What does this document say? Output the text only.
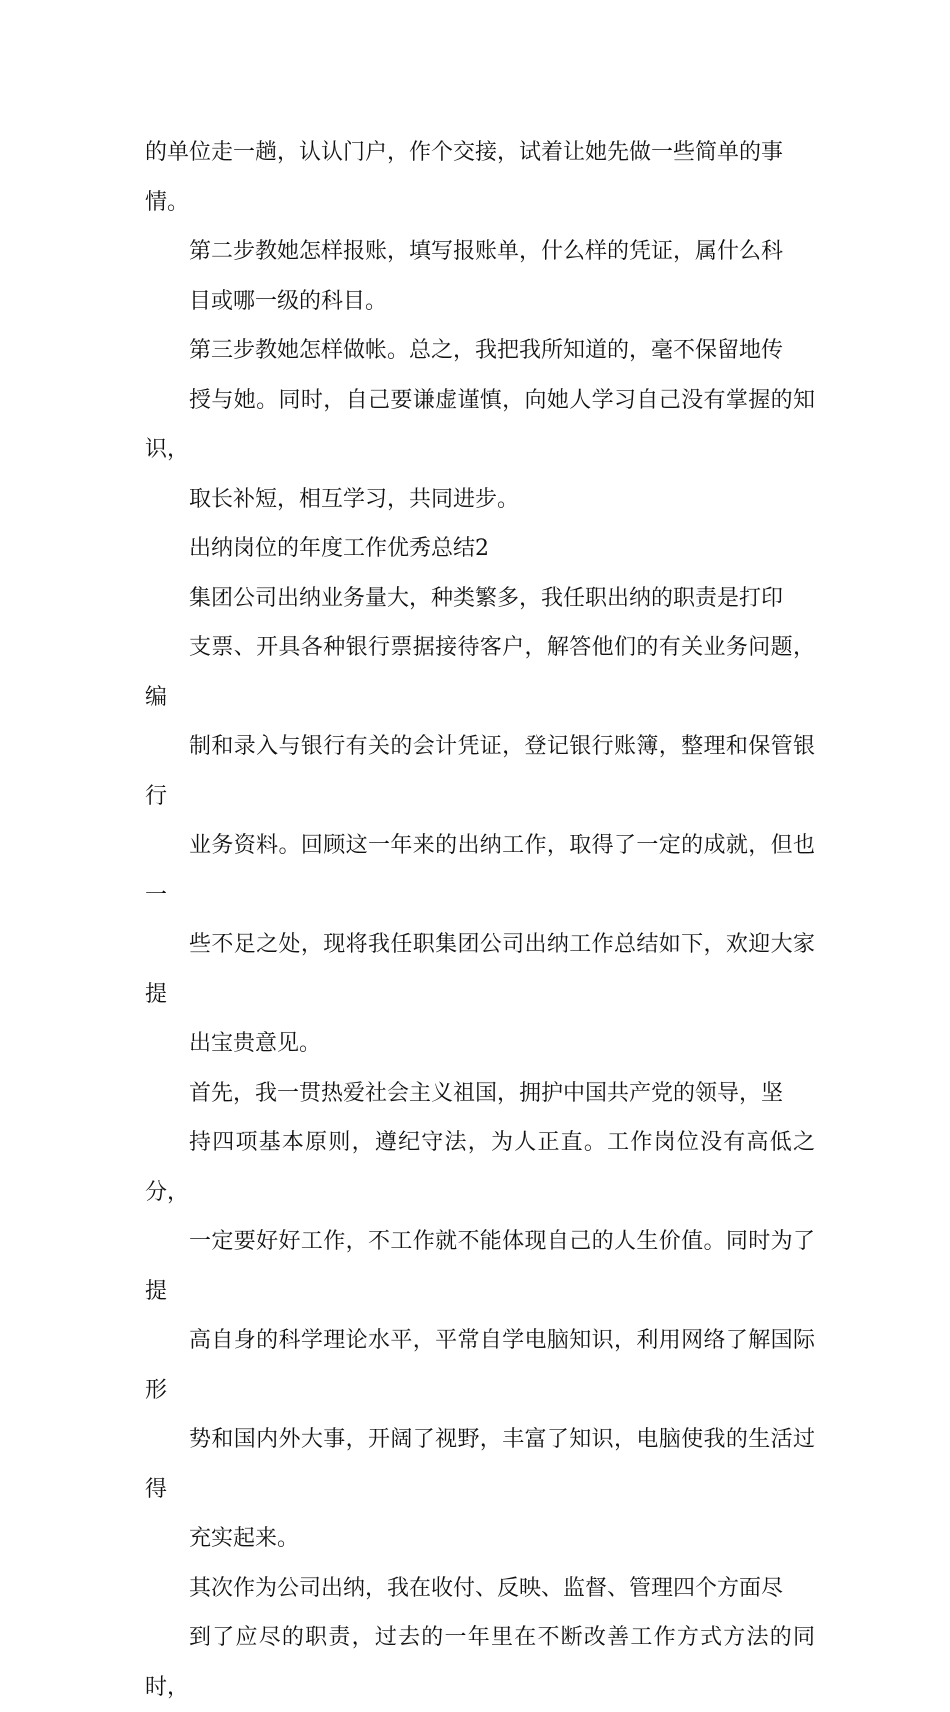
的单位走一趟，认认门户，作个交接，试着让她先做一些简单的事
情。

第二步教她怎样报账，填写报账单，什么样的凭证，属什么科
目或哪一级的科目。

第三步教她怎样做帐。总之，我把我所知道的，毫不保留地传
授与她。同时，自己要谦虚谨慎，向她人学习自己没有掌握的知识，
取长补短，相互学习，共同进步。

出纳岗位的年度工作优秀总结2

集团公司出纳业务量大，种类繁多，我任职出纳的职责是打印
支票、开具各种银行票据接待客户，解答他们的有关业务问题，编
制和录入与银行有关的会计凭证，登记银行账簿，整理和保管银行
业务资料。回顾这一年来的出纳工作，取得了一定的成就，但也一
些不足之处，现将我任职集团公司出纳工作总结如下，欢迎大家提
出宝贵意见。

首先，我一贯热爱社会主义祖国，拥护中国共产党的领导，坚
持四项基本原则，遵纪守法，为人正直。工作岗位没有高低之分，
一定要好好工作，不工作就不能体现自己的人生价值。同时为了提
高自身的科学理论水平，平常自学电脑知识，利用网络了解国际形
势和国内外大事，开阔了视野，丰富了知识，电脑使我的生活过得
充实起来。

其次作为公司出纳，我在收付、反映、监督、管理四个方面尽
到了应尽的职责，过去的一年里在不断改善工作方式方法的同时，
